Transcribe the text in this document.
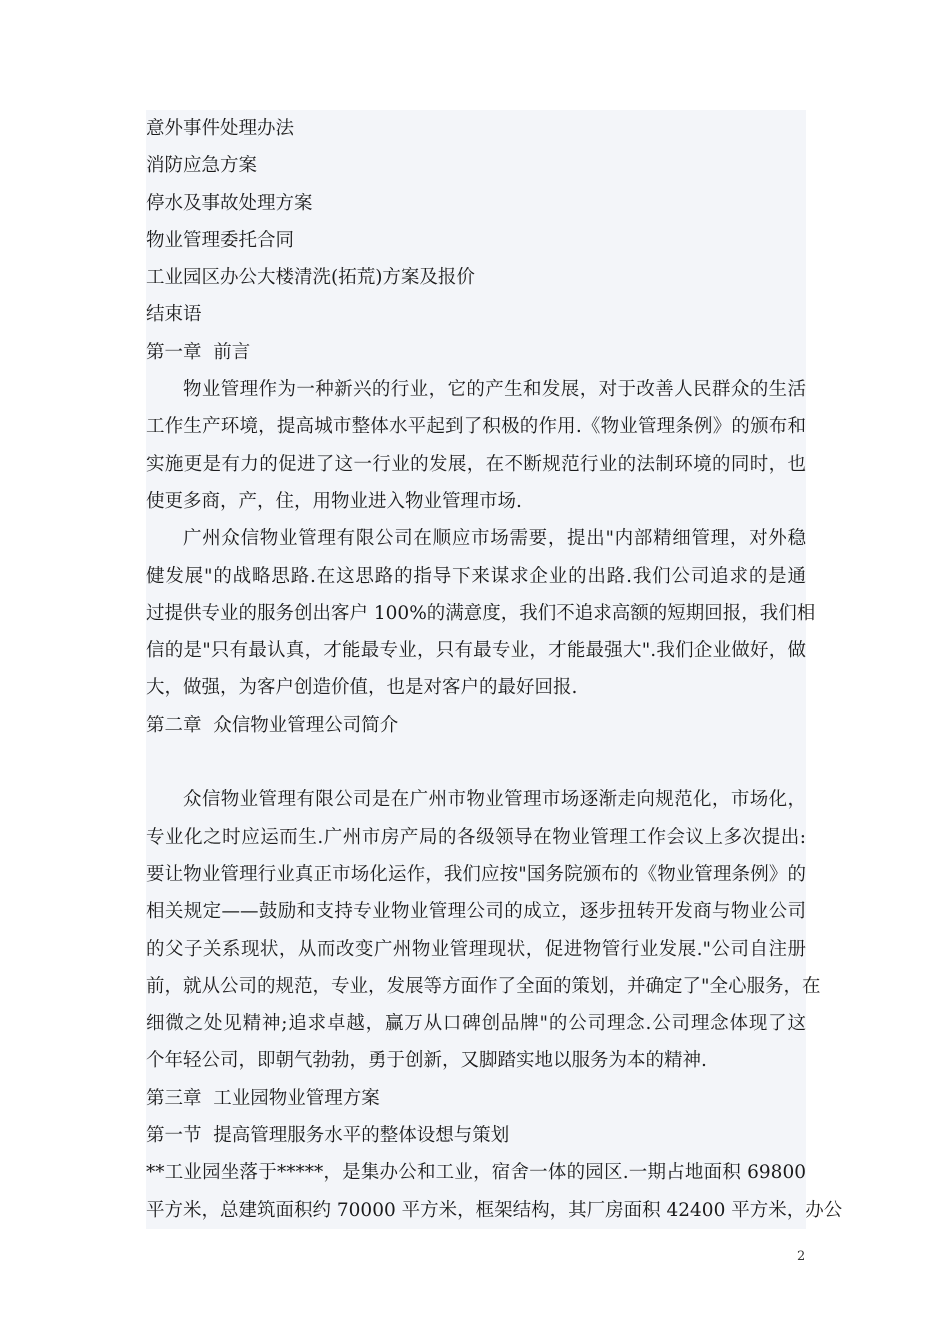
意外事件处理办法
消防应急方案
停水及事故处理方案
物业管理委托合同
工业园区办公大楼清洗(拓荒)方案及报价
结束语
第一章  前言
物业管理作为一种新兴的行业，它的产生和发展，对于改善人民群众的生活
工作生产环境，提高城市整体水平起到了积极的作用.《物业管理条例》的颁布和
实施更是有力的促进了这一行业的发展，在不断规范行业的法制环境的同时，也
使更多商，产，住，用物业进入物业管理市场.
广州众信物业管理有限公司在顺应市场需要，提出"内部精细管理，对外稳
健发展"的战略思路.在这思路的指导下来谋求企业的出路.我们公司追求的是通
过提供专业的服务创出客户 100%的满意度，我们不追求高额的短期回报，我们相
信的是"只有最认真，才能最专业，只有最专业，才能最强大".我们企业做好，做
大，做强，为客户创造价值，也是对客户的最好回报.
第二章  众信物业管理公司简介
众信物业管理有限公司是在广州市物业管理市场逐渐走向规范化，市场化，
专业化之时应运而生.广州市房产局的各级领导在物业管理工作会议上多次提出:
要让物业管理行业真正市场化运作，我们应按"国务院颁布的《物业管理条例》的
相关规定——鼓励和支持专业物业管理公司的成立，逐步扭转开发商与物业公司
的父子关系现状，从而改变广州物业管理现状，促进物管行业发展."公司自注册
前，就从公司的规范，专业，发展等方面作了全面的策划，并确定了"全心服务，在
细微之处见精神;追求卓越，赢万从口碑创品牌"的公司理念.公司理念体现了这
个年轻公司，即朝气勃勃，勇于创新，又脚踏实地以服务为本的精神.
第三章  工业园物业管理方案
第一节  提高管理服务水平的整体设想与策划
**工业园坐落于*****，是集办公和工业，宿舍一体的园区.一期占地面积 69800
平方米，总建筑面积约 70000 平方米，框架结构，其厂房面积 42400 平方米，办公
2
